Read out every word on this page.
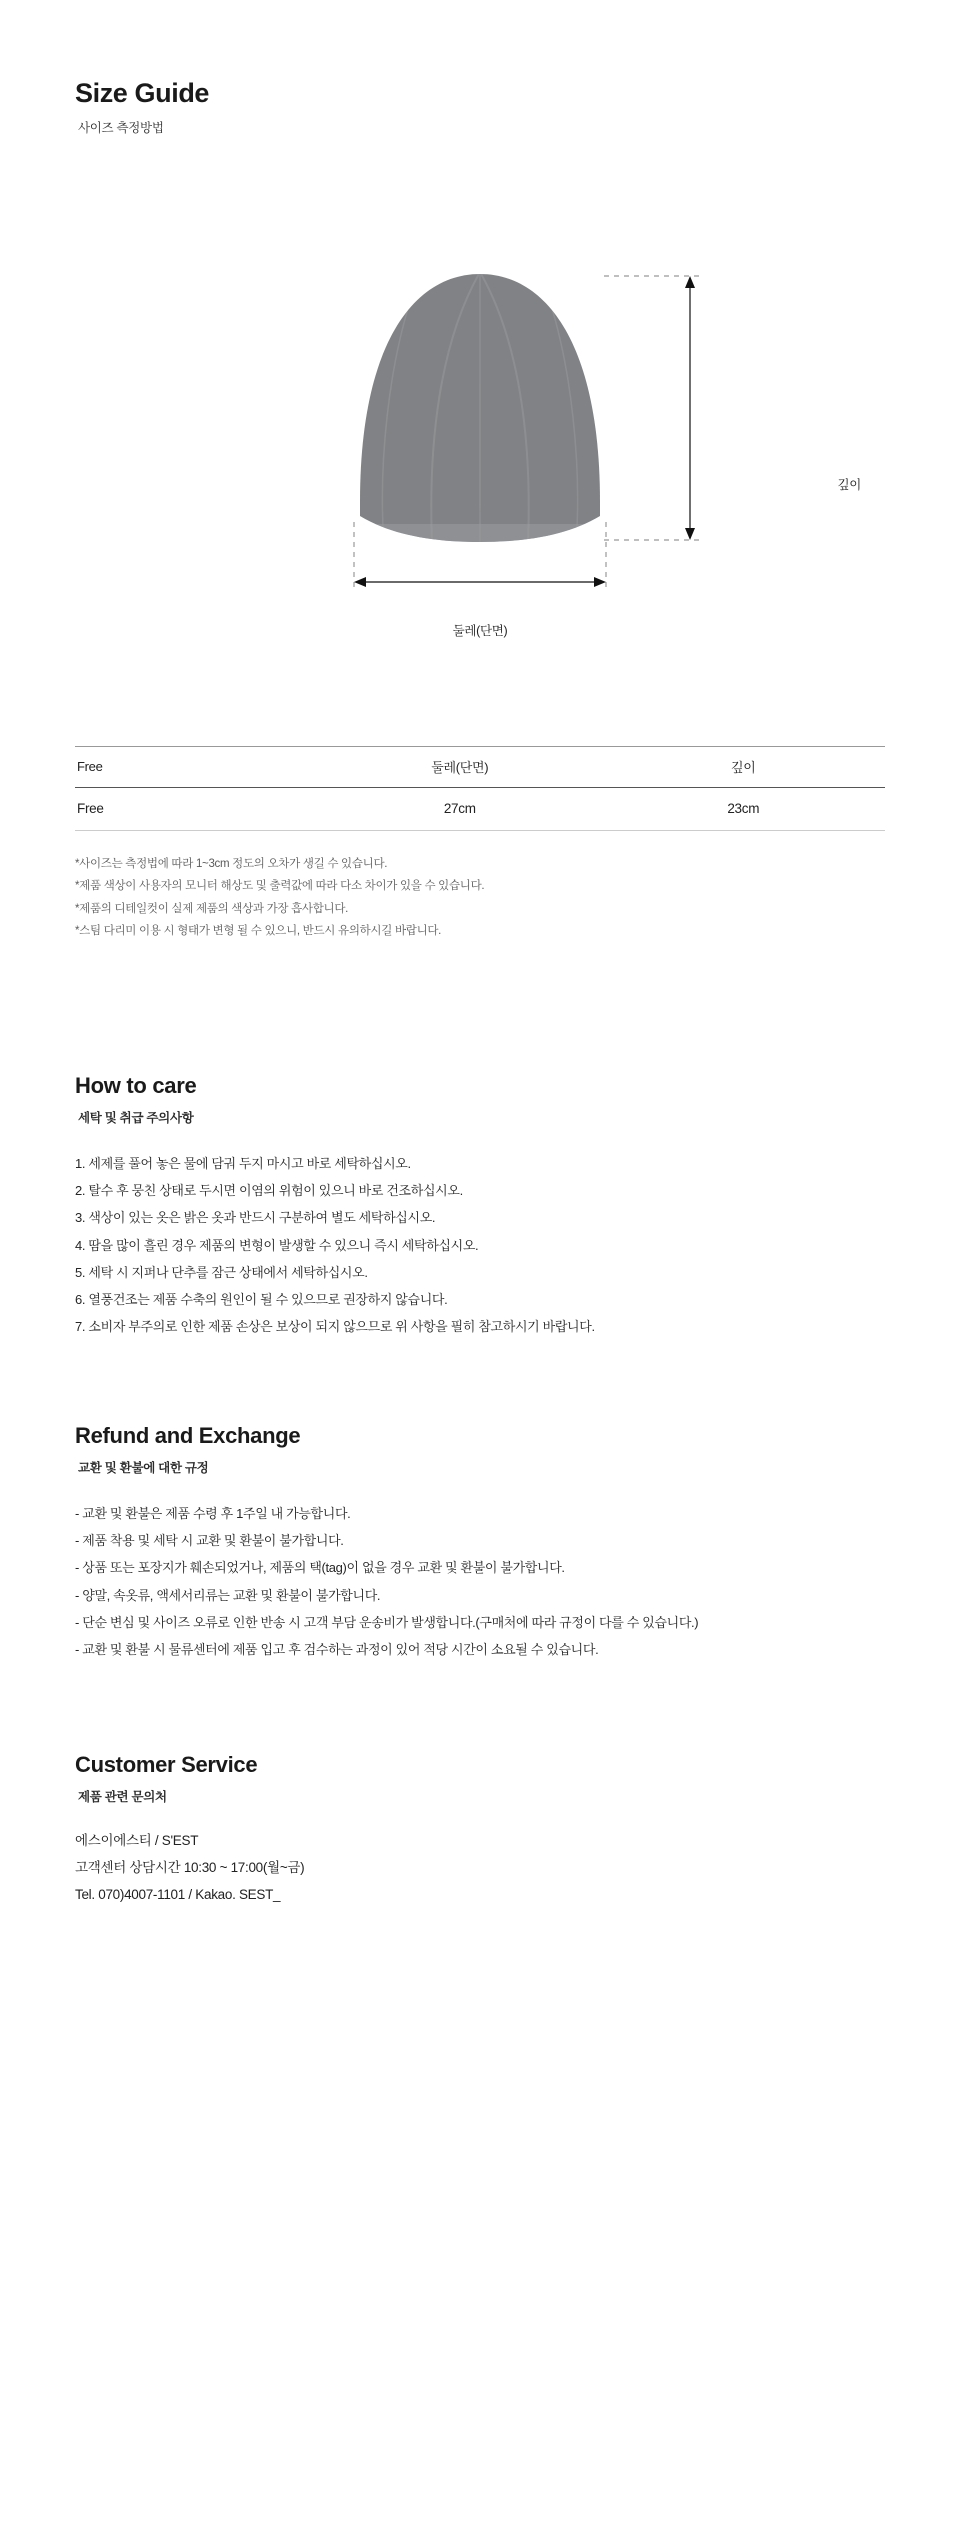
Size Guide
사이즈 측정방법
깊이
둘레(단면)
Free	둘레(단면)	깊이
Free	27cm	23cm
*사이즈는 측정법에 따라 1~3cm 정도의 오차가 생길 수 있습니다.
*제품 색상이 사용자의 모니터 해상도 및 출력값에 따라 다소 차이가 있을 수 있습니다.
*제품의 디테일컷이 실제 제품의 색상과 가장 흡사합니다.
*스팀 다리미 이용 시 형태가 변형 될 수 있으니, 반드시 유의하시길 바랍니다.
How to care
세탁 및 취급 주의사항
1. 세제를 풀어 놓은 물에 담궈 두지 마시고 바로 세탁하십시오.
2. 탈수 후 뭉친 상태로 두시면 이염의 위험이 있으니 바로 건조하십시오.
3. 색상이 있는 옷은 밝은 옷과 반드시 구분하여 별도 세탁하십시오.
4. 땀을 많이 흘린 경우 제품의 변형이 발생할 수 있으니 즉시 세탁하십시오.
5. 세탁 시 지퍼나 단추를 잠근 상태에서 세탁하십시오.
6. 열풍건조는 제품 수축의 원인이 될 수 있으므로 권장하지 않습니다.
7. 소비자 부주의로 인한 제품 손상은 보상이 되지 않으므로 위 사항을 필히 참고하시기 바랍니다.
Refund and Exchange
교환 및 환불에 대한 규정
- 교환 및 환불은 제품 수령 후 1주일 내 가능합니다.
- 제품 착용 및 세탁 시 교환 및 환불이 불가합니다.
- 상품 또는 포장지가 훼손되었거나, 제품의 택(tag)이 없을 경우 교환 및 환불이 불가합니다.
- 양말, 속옷류, 액세서리류는 교환 및 환불이 불가합니다.
- 단순 변심 및 사이즈 오류로 인한 반송 시 고객 부담 운송비가 발생합니다.(구매처에 따라 규정이 다를 수 있습니다.)
- 교환 및 환불 시 물류센터에 제품 입고 후 검수하는 과정이 있어 적당 시간이 소요될 수 있습니다.
Customer Service
제품 관련 문의처
에스이에스티 / S'EST
고객센터 상담시간 10:30 ~ 17:00(월~금)
Tel. 070)4007-1101 / Kakao. SEST_
